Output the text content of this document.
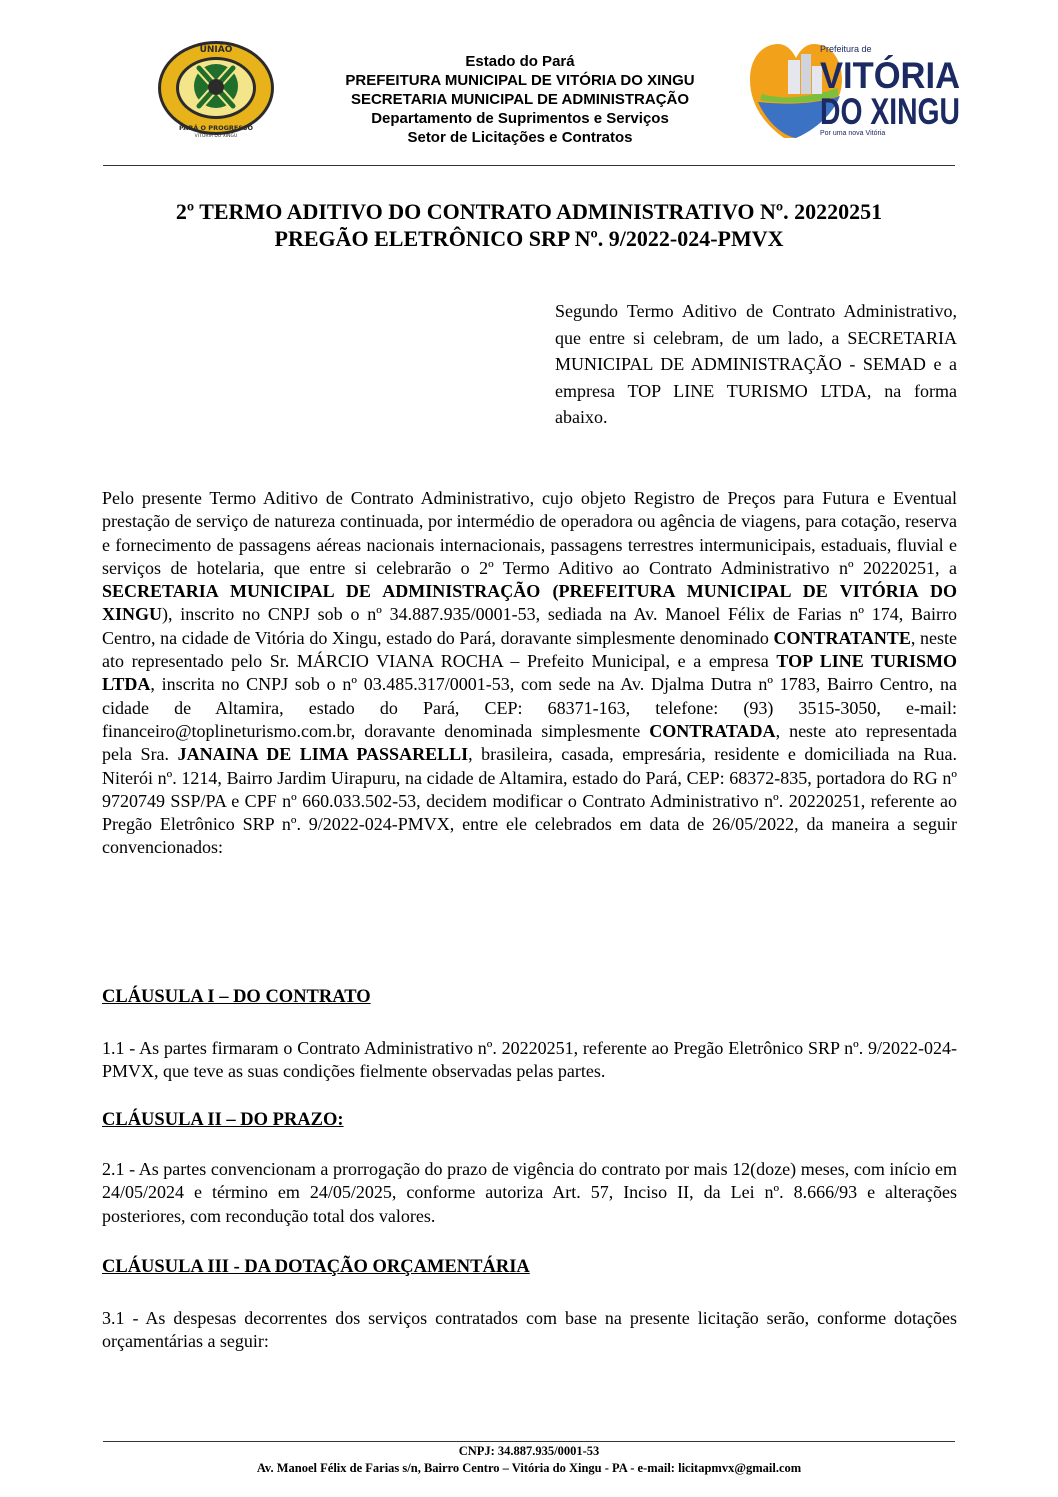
UNIÃO
PARÁ O PROGRESSO
VITÓRIA DO XINGU
Estado do Pará
PREFEITURA MUNICIPAL DE VITÓRIA DO XINGU
SECRETARIA MUNICIPAL DE ADMINISTRAÇÃO
Departamento de Suprimentos e Serviços
Setor de Licitações e Contratos
Prefeitura de
VITÓRIA
DO XINGU
Por uma nova Vitória
2º TERMO ADITIVO DO CONTRATO ADMINISTRATIVO Nº. 20220251
PREGÃO ELETRÔNICO SRP Nº. 9/2022-024-PMVX
Segundo Termo Aditivo de Contrato Administrativo, que entre si celebram, de um lado, a SECRETARIA MUNICIPAL DE ADMINISTRAÇÃO - SEMAD e a empresa TOP LINE TURISMO LTDA, na forma abaixo.
Pelo presente Termo Aditivo de Contrato Administrativo, cujo objeto Registro de Preços para Futura e Eventual prestação de serviço de natureza continuada, por intermédio de operadora ou agência de viagens, para cotação, reserva e fornecimento de passagens aéreas nacionais internacionais, passagens terrestres intermunicipais, estaduais, fluvial e serviços de hotelaria, que entre si celebrarão o 2º Termo Aditivo ao Contrato Administrativo nº 20220251, a SECRETARIA MUNICIPAL DE ADMINISTRAÇÃO (PREFEITURA MUNICIPAL DE VITÓRIA DO XINGU), inscrito no CNPJ sob o nº 34.887.935/0001-53, sediada na Av. Manoel Félix de Farias nº 174, Bairro Centro, na cidade de Vitória do Xingu, estado do Pará, doravante simplesmente denominado CONTRATANTE, neste ato representado pelo Sr. MÁRCIO VIANA ROCHA – Prefeito Municipal, e a empresa TOP LINE TURISMO LTDA, inscrita no CNPJ sob o nº 03.485.317/0001-53, com sede na Av. Djalma Dutra nº 1783, Bairro Centro, na cidade de Altamira, estado do Pará, CEP: 68371-163, telefone: (93) 3515-3050, e-mail: financeiro@toplineturismo.com.br, doravante denominada simplesmente CONTRATADA, neste ato representada pela Sra. JANAINA DE LIMA PASSARELLI, brasileira, casada, empresária, residente e domiciliada na Rua. Niterói nº. 1214, Bairro Jardim Uirapuru, na cidade de Altamira, estado do Pará, CEP: 68372-835, portadora do RG nº 9720749 SSP/PA e CPF nº 660.033.502-53, decidem modificar o Contrato Administrativo nº. 20220251, referente ao Pregão Eletrônico SRP nº. 9/2022-024-PMVX, entre ele celebrados em data de 26/05/2022, da maneira a seguir convencionados:
CLÁUSULA I – DO CONTRATO
1.1 - As partes firmaram o Contrato Administrativo nº. 20220251, referente ao Pregão Eletrônico SRP nº. 9/2022-024-PMVX, que teve as suas condições fielmente observadas pelas partes.
CLÁUSULA II – DO PRAZO:
2.1 - As partes convencionam a prorrogação do prazo de vigência do contrato por mais 12(doze) meses, com início em 24/05/2024 e término em 24/05/2025, conforme autoriza Art. 57, Inciso II, da Lei nº. 8.666/93 e alterações posteriores, com recondução total dos valores.
CLÁUSULA III - DA DOTAÇÃO ORÇAMENTÁRIA
3.1 - As despesas decorrentes dos serviços contratados com base na presente licitação serão, conforme dotações orçamentárias a seguir:
CNPJ: 34.887.935/0001-53
Av. Manoel Félix de Farias s/n, Bairro Centro – Vitória do Xingu - PA - e-mail: licitapmvx@gmail.com
